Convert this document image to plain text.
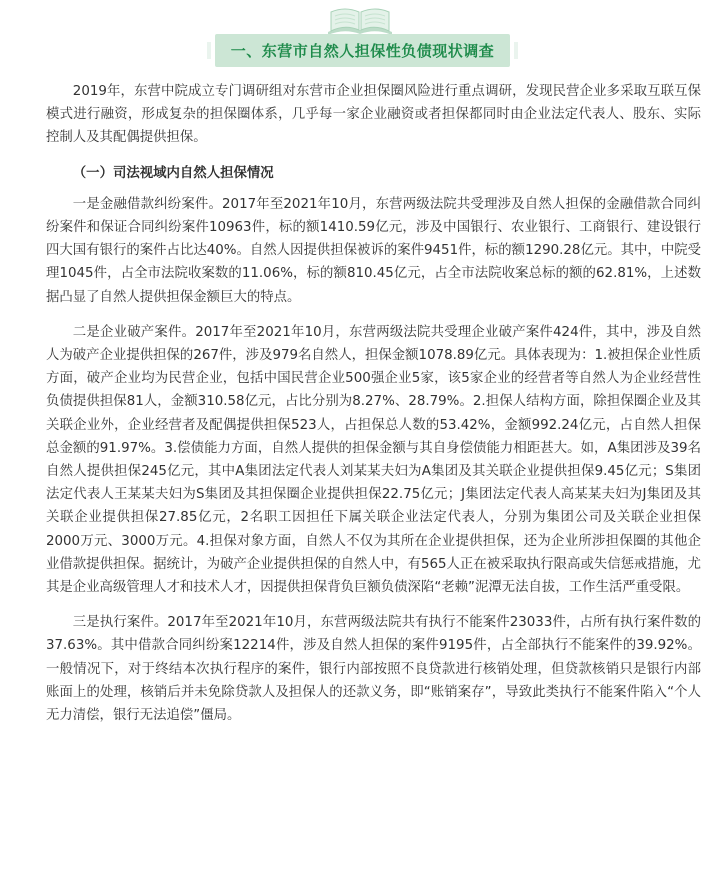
一、东营市自然人担保性负债现状调查

2019年，东营中院成立专门调研组对东营市企业担保圈风险进行重点调研，发现民营企业多采取互联互保模式进行融资，形成复杂的担保圈体系，几乎每一家企业融资或者担保都同时由企业法定代表人、股东、实际控制人及其配偶提供担保。

（一）司法视域内自然人担保情况

一是金融借款纠纷案件。2017年至2021年10月，东营两级法院共受理涉及自然人担保的金融借款合同纠纷案件和保证合同纠纷案件10963件，标的额1410.59亿元，涉及中国银行、农业银行、工商银行、建设银行四大国有银行的案件占比达40%。自然人因提供担保被诉的案件9451件，标的额1290.28亿元。其中，中院受理1045件，占全市法院收案数的11.06%，标的额810.45亿元，占全市法院收案总标的额的62.81%，上述数据凸显了自然人提供担保金额巨大的特点。

二是企业破产案件。2017年至2021年10月，东营两级法院共受理企业破产案件424件，其中，涉及自然人为破产企业提供担保的267件，涉及979名自然人，担保金额1078.89亿元。具体表现为：1.被担保企业性质方面，破产企业均为民营企业，包括中国民营企业500强企业5家，该5家企业的经营者等自然人为企业经营性负债提供担保81人，金额310.58亿元，占比分别为8.27%、28.79%。2.担保人结构方面，除担保圈企业及其关联企业外，企业经营者及配偶提供担保523人，占担保总人数的53.42%，金额992.24亿元，占自然人担保总金额的91.97%。3.偿债能力方面，自然人提供的担保金额与其自身偿债能力相距甚大。如，A集团涉及39名自然人提供担保245亿元，其中A集团法定代表人刘某某夫妇为A集团及其关联企业提供担保9.45亿元；S集团法定代表人王某某夫妇为S集团及其担保圈企业提供担保22.75亿元；J集团法定代表人高某某夫妇为J集团及其关联企业提供担保27.85亿元，2名职工因担任下属关联企业法定代表人，分别为集团公司及关联企业担保2000万元、3000万元。4.担保对象方面，自然人不仅为其所在企业提供担保，还为企业所涉担保圈的其他企业借款提供担保。据统计，为破产企业提供担保的自然人中，有565人正在被采取执行限高或失信惩戒措施，尤其是企业高级管理人才和技术人才，因提供担保背负巨额负债深陷“老赖”泥潭无法自拔，工作生活严重受限。

三是执行案件。2017年至2021年10月，东营两级法院共有执行不能案件23033件，占所有执行案件数的37.63%。其中借款合同纠纷案12214件，涉及自然人担保的案件9195件，占全部执行不能案件的39.92%。一般情况下，对于终结本次执行程序的案件，银行内部按照不良贷款进行核销处理，但贷款核销只是银行内部账面上的处理，核销后并未免除贷款人及担保人的还款义务，即“账销案存”，导致此类执行不能案件陷入“个人无力清偿，银行无法追偿”僵局。
